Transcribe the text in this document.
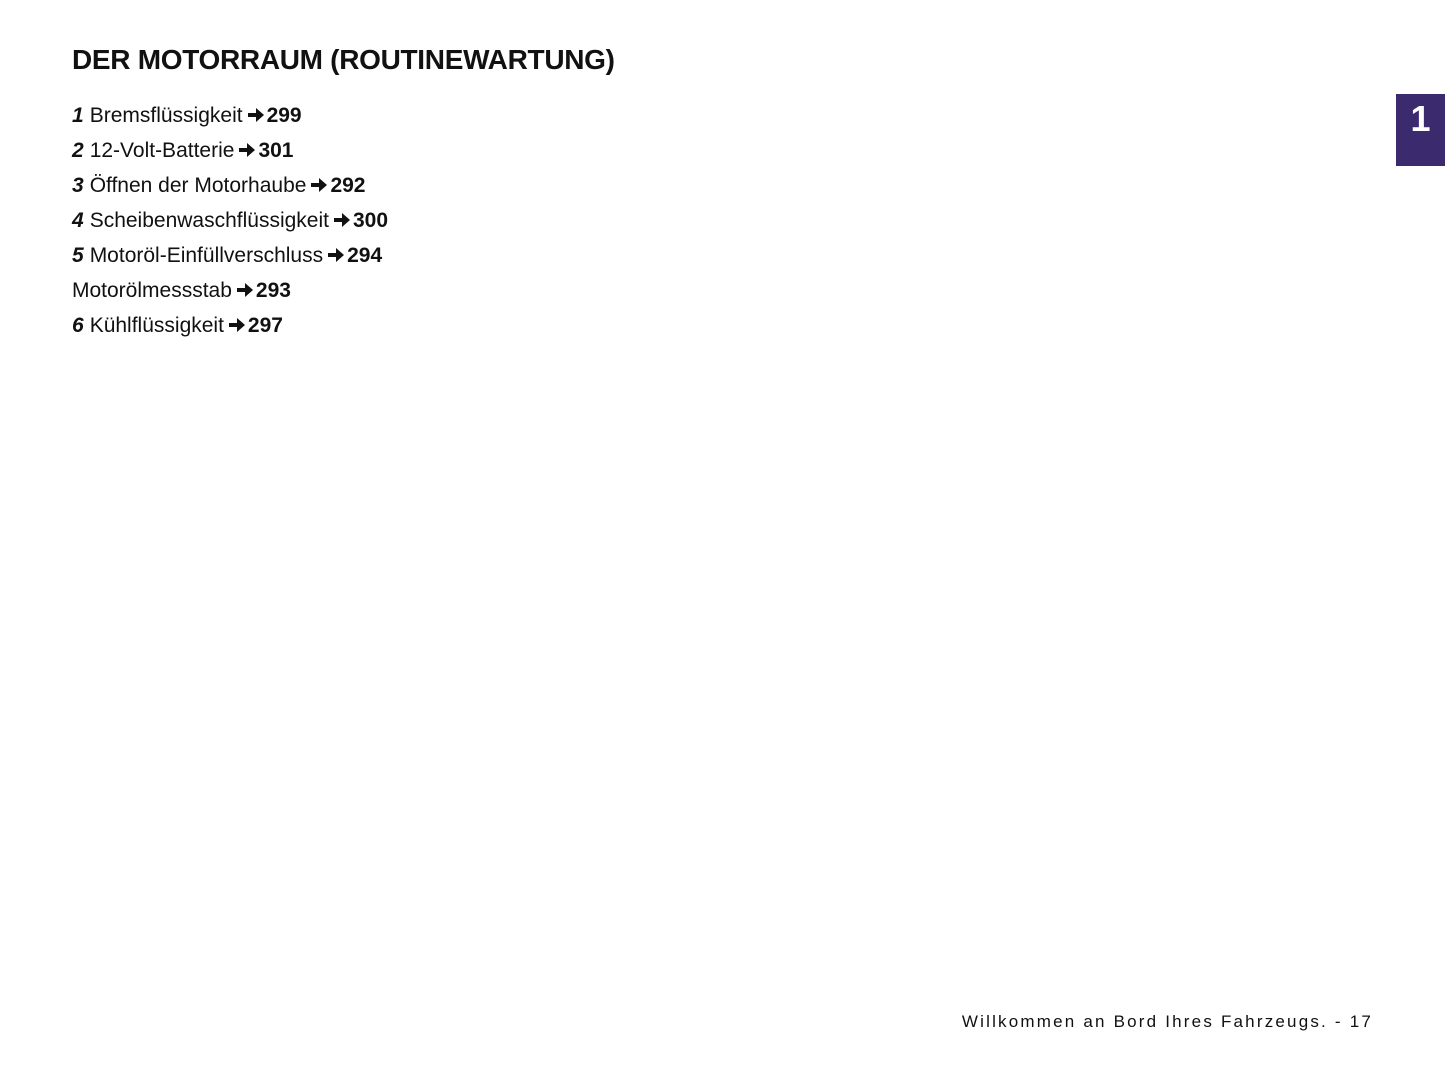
DER MOTORRAUM (ROUTINEWARTUNG)
1 Bremsflüssigkeit 299
2 12-Volt-Batterie 301
3 Öffnen der Motorhaube 292
4 Scheibenwaschflüssigkeit 300
5 Motoröl-Einfüllverschluss 294
Motorölmessstab 293
6 Kühlflüssigkeit 297
1
Willkommen an Bord Ihres Fahrzeugs. - 17
